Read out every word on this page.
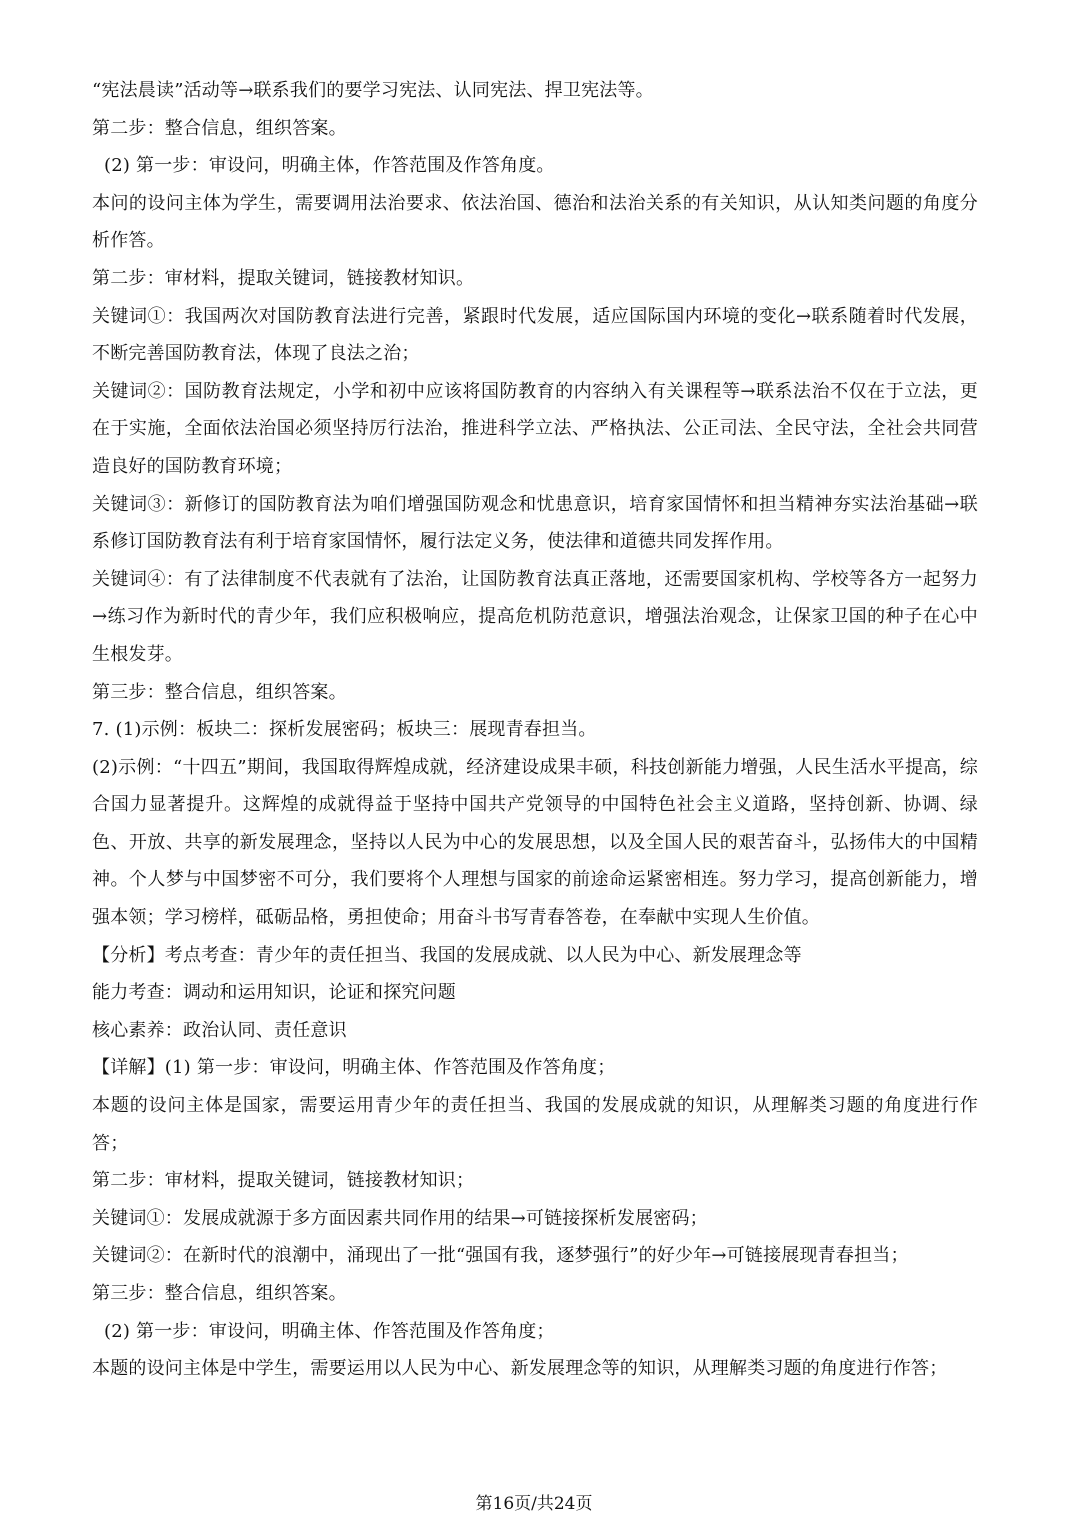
“宪法晨读”活动等→联系我们的要学习宪法、认同宪法、捍卫宪法等。

第二步：整合信息，组织答案。

(2) 第一步：审设问，明确主体，作答范围及作答角度。

本问的设问主体为学生，需要调用法治要求、依法治国、德治和法治关系的有关知识，从认知类问题的角度分析作答。

第二步：审材料，提取关键词，链接教材知识。

关键词①：我国两次对国防教育法进行完善，紧跟时代发展，适应国际国内环境的变化→联系随着时代发展，不断完善国防教育法，体现了良法之治；

关键词②：国防教育法规定，小学和初中应该将国防教育的内容纳入有关课程等→联系法治不仅在于立法，更在于实施，全面依法治国必须坚持厉行法治，推进科学立法、严格执法、公正司法、全民守法，全社会共同营造良好的国防教育环境；

关键词③：新修订的国防教育法为咱们增强国防观念和忧患意识，培育家国情怀和担当精神夯实法治基础→联系修订国防教育法有利于培育家国情怀，履行法定义务，使法律和道德共同发挥作用。

关键词④：有了法律制度不代表就有了法治，让国防教育法真正落地，还需要国家机构、学校等各方一起努力→练习作为新时代的青少年，我们应积极响应，提高危机防范意识，增强法治观念，让保家卫国的种子在心中生根发芽。

第三步：整合信息，组织答案。

7. (1)示例：板块二：探析发展密码；板块三：展现青春担当。

(2)示例：“十四五”期间，我国取得辉煌成就，经济建设成果丰硕，科技创新能力增强，人民生活水平提高，综合国力显著提升。这辉煌的成就得益于坚持中国共产党领导的中国特色社会主义道路，坚持创新、协调、绿色、开放、共享的新发展理念，坚持以人民为中心的发展思想，以及全国人民的艰苦奋斗，弘扬伟大的中国精神。个人梦与中国梦密不可分，我们要将个人理想与国家的前途命运紧密相连。努力学习，提高创新能力，增强本领；学习榜样，砥砺品格，勇担使命；用奋斗书写青春答卷，在奉献中实现人生价值。

【分析】考点考查：青少年的责任担当、我国的发展成就、以人民为中心、新发展理念等

能力考查：调动和运用知识，论证和探究问题

核心素养：政治认同、责任意识

【详解】(1) 第一步：审设问，明确主体、作答范围及作答角度；

本题的设问主体是国家，需要运用青少年的责任担当、我国的发展成就的知识，从理解类习题的角度进行作答；

第二步：审材料，提取关键词，链接教材知识；

关键词①：发展成就源于多方面因素共同作用的结果→可链接探析发展密码；

关键词②：在新时代的浪潮中，涌现出了一批“强国有我，逐梦强行”的好少年→可链接展现青春担当；

第三步：整合信息，组织答案。

(2) 第一步：审设问，明确主体、作答范围及作答角度；

本题的设问主体是中学生，需要运用以人民为中心、新发展理念等的知识，从理解类习题的角度进行作答；

第16页/共24页
